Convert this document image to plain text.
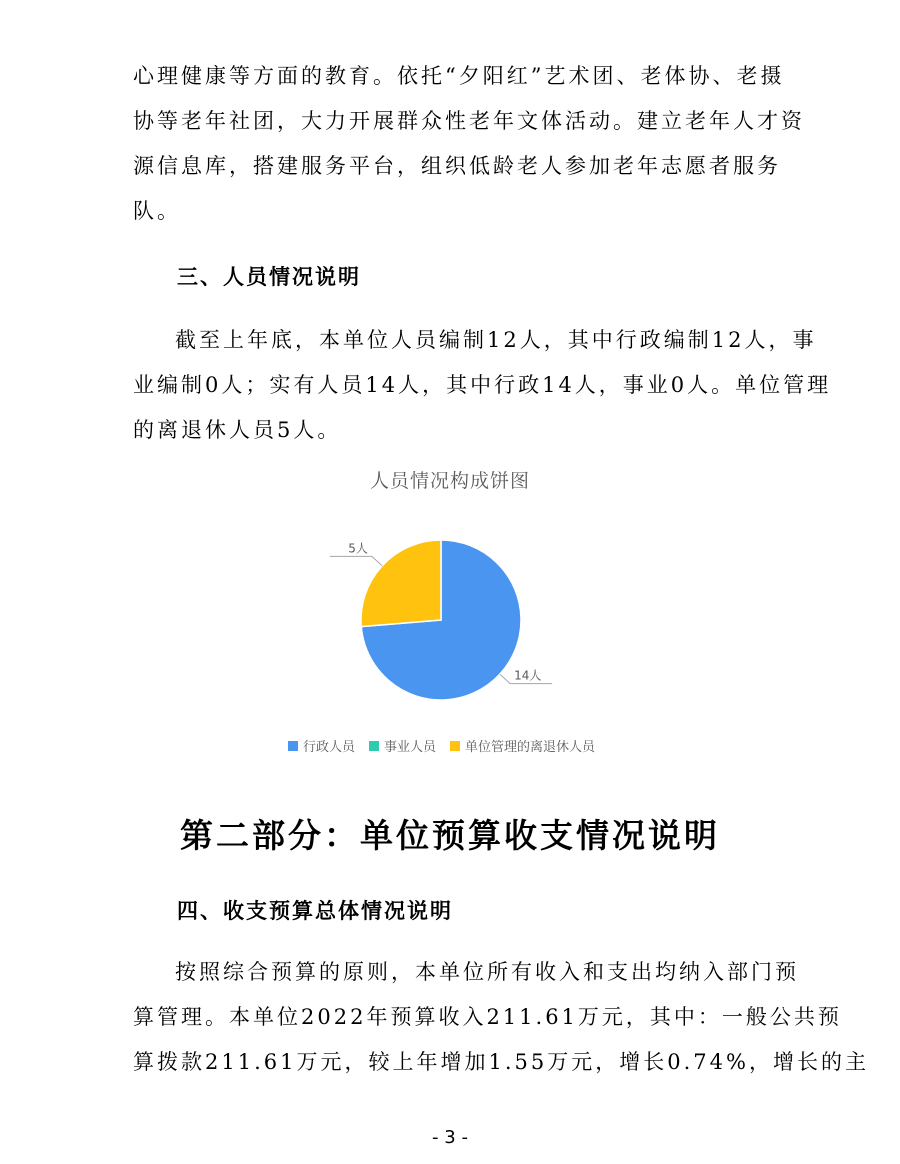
心理健康等方面的教育。依托“夕阳红”艺术团、老体协、老摄
协等老年社团，大力开展群众性老年文体活动。建立老年人才资
源信息库，搭建服务平台，组织低龄老人参加老年志愿者服务
队。
三、人员情况说明
截至上年底，本单位人员编制12人，其中行政编制12人，事
业编制0人；实有人员14人，其中行政14人，事业0人。单位管理
的离退休人员5人。
人员情况构成饼图
14人
5人
行政人员 事业人员 单位管理的离退休人员
第二部分：单位预算收支情况说明
四、收支预算总体情况说明
按照综合预算的原则，本单位所有收入和支出均纳入部门预
算管理。本单位2022年预算收入211.61万元，其中：一般公共预
算拨款211.61万元，较上年增加1.55万元，增长0.74%，增长的主
- 3 -
